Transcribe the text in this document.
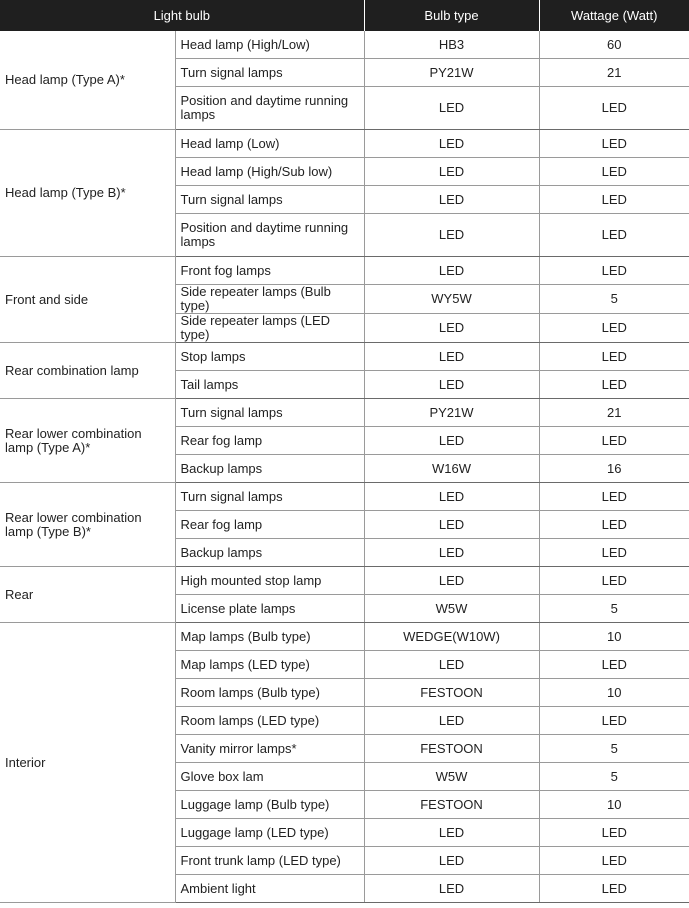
Light bulb		Bulb type	Wattage (Watt)
Head lamp (Type A)*	Head lamp (High/Low)	HB3	60
	Turn signal lamps	PY21W	21
	Position and daytime running lamps	LED	LED
Head lamp (Type B)*	Head lamp (Low)	LED	LED
	Head lamp (High/Sub low)	LED	LED
	Turn signal lamps	LED	LED
	Position and daytime running lamps	LED	LED
Front and side	Front fog lamps	LED	LED
	Side repeater lamps (Bulb type)	WY5W	5
	Side repeater lamps (LED type)	LED	LED
Rear combination lamp	Stop lamps	LED	LED
	Tail lamps	LED	LED
Rear lower combination lamp (Type A)*	Turn signal lamps	PY21W	21
	Rear fog lamp	LED	LED
	Backup lamps	W16W	16
Rear lower combination lamp (Type B)*	Turn signal lamps	LED	LED
	Rear fog lamp	LED	LED
	Backup lamps	LED	LED
Rear	High mounted stop lamp	LED	LED
	License plate lamps	W5W	5
Interior	Map lamps (Bulb type)	WEDGE(W10W)	10
	Map lamps (LED type)	LED	LED
	Room lamps (Bulb type)	FESTOON	10
	Room lamps (LED type)	LED	LED
	Vanity mirror lamps*	FESTOON	5
	Glove box lam	W5W	5
	Luggage lamp (Bulb type)	FESTOON	10
	Luggage lamp (LED type)	LED	LED
	Front trunk lamp (LED type)	LED	LED
	Ambient light	LED	LED
